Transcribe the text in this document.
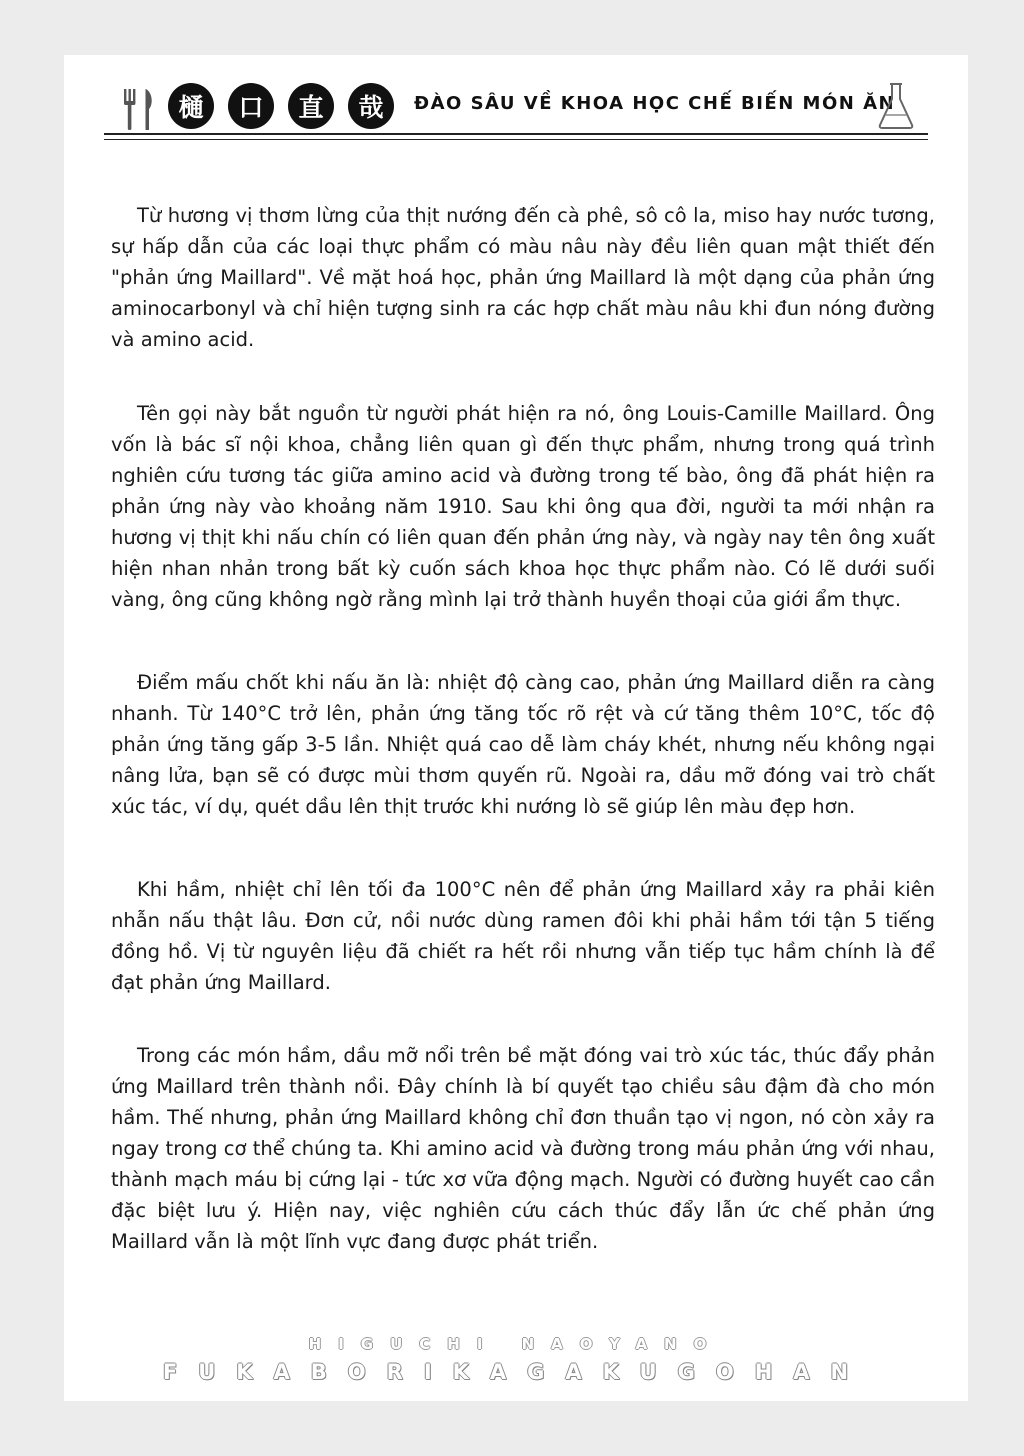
樋	口	直	哉	ĐÀO SÂU VỀ KHOA HỌC CHẾ BIẾN MÓN ĂN

Từ hương vị thơm lừng của thịt nướng đến cà phê, sô cô la, miso hay nước tương, sự hấp dẫn của các loại thực phẩm có màu nâu này đều liên quan mật thiết đến "phản ứng Maillard". Về mặt hoá học, phản ứng Maillard là một dạng của phản ứng aminocarbonyl và chỉ hiện tượng sinh ra các hợp chất màu nâu khi đun nóng đường và amino acid.

Tên gọi này bắt nguồn từ người phát hiện ra nó, ông Louis-Camille Maillard. Ông vốn là bác sĩ nội khoa, chẳng liên quan gì đến thực phẩm, nhưng trong quá trình nghiên cứu tương tác giữa amino acid và đường trong tế bào, ông đã phát hiện ra phản ứng này vào khoảng năm 1910. Sau khi ông qua đời, người ta mới nhận ra hương vị thịt khi nấu chín có liên quan đến phản ứng này, và ngày nay tên ông xuất hiện nhan nhản trong bất kỳ cuốn sách khoa học thực phẩm nào. Có lẽ dưới suối vàng, ông cũng không ngờ rằng mình lại trở thành huyền thoại của giới ẩm thực.

Điểm mấu chốt khi nấu ăn là: nhiệt độ càng cao, phản ứng Maillard diễn ra càng nhanh. Từ 140°C trở lên, phản ứng tăng tốc rõ rệt và cứ tăng thêm 10°C, tốc độ phản ứng tăng gấp 3-5 lần. Nhiệt quá cao dễ làm cháy khét, nhưng nếu không ngại nâng lửa, bạn sẽ có được mùi thơm quyến rũ. Ngoài ra, dầu mỡ đóng vai trò chất xúc tác, ví dụ, quét dầu lên thịt trước khi nướng lò sẽ giúp lên màu đẹp hơn.

Khi hầm, nhiệt chỉ lên tối đa 100°C nên để phản ứng Maillard xảy ra phải kiên nhẫn nấu thật lâu. Đơn cử, nồi nước dùng ramen đôi khi phải hầm tới tận 5 tiếng đồng hồ. Vị từ nguyên liệu đã chiết ra hết rồi nhưng vẫn tiếp tục hầm chính là để đạt phản ứng Maillard.

Trong các món hầm, dầu mỡ nổi trên bề mặt đóng vai trò xúc tác, thúc đẩy phản ứng Maillard trên thành nồi. Đây chính là bí quyết tạo chiều sâu đậm đà cho món hầm. Thế nhưng, phản ứng Maillard không chỉ đơn thuần tạo vị ngon, nó còn xảy ra ngay trong cơ thể chúng ta. Khi amino acid và đường trong máu phản ứng với nhau, thành mạch máu bị cứng lại - tức xơ vữa động mạch. Người có đường huyết cao cần đặc biệt lưu ý. Hiện nay, việc nghiên cứu cách thúc đẩy lẫn ức chế phản ứng Maillard vẫn là một lĩnh vực đang được phát triển.

HIGUCHI NAOYANO
FUKABORIKAGAKUGOHAN
